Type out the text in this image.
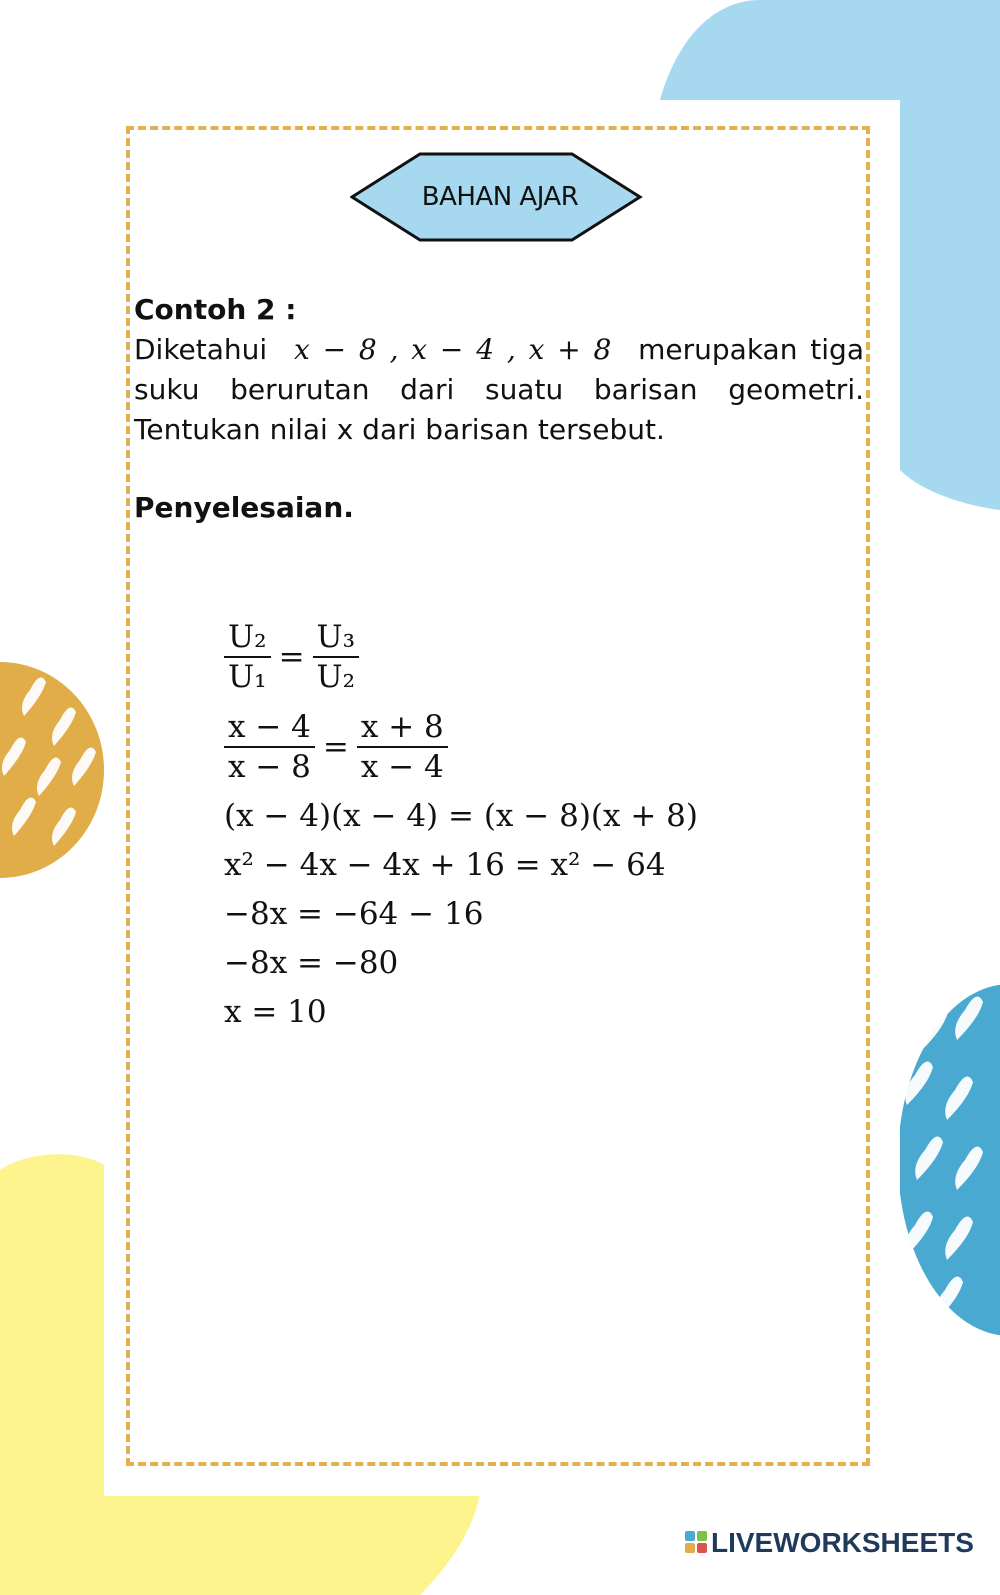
BAHAN AJAR

Contoh 2 :

Diketahui x − 8 , x − 4 , x + 8 merupakan tiga suku berurutan dari suatu barisan geometri. Tentukan nilai x dari barisan tersebut.

Penyelesaian.

$\frac{\text{U₂}}{\text{U₁}} = \frac{\text{U₃}}{\text{U₂}}$
$\frac{x - 4}{x - 8} = \frac{x + 8}{x - 4}$
(x − 4)(x − 4) = (x − 8)(x + 8)
x² − 4x − 4x + 16 = x² − 64
−8x = −64 − 16
−8x = −80
x = 10
LIVEWORKSHEETS
